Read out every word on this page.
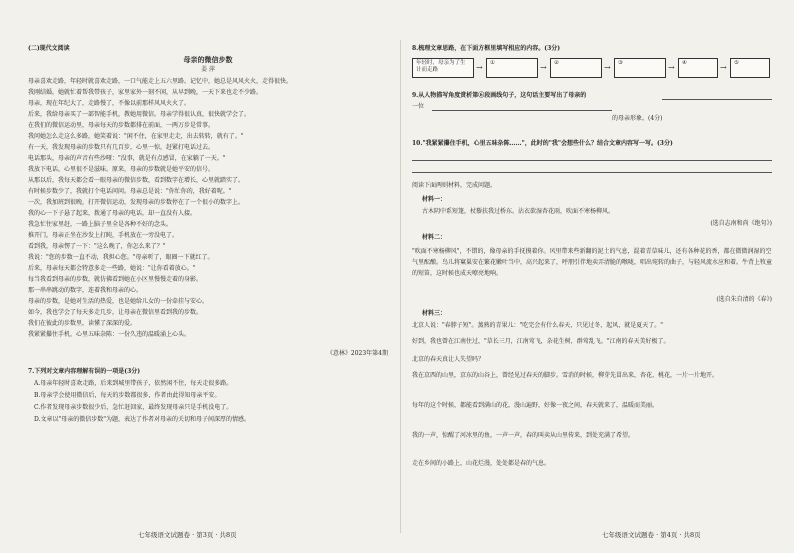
(二)现代文阅读
母亲的微信步数
姜 萍
母亲喜欢走路，年轻时就喜欢走路，一口气能走上五六里路。记忆中，她总是风风火火，走得很快。
我刚结婚，她就忙着帮我带孩子，家里家外一刻不闲，从早到晚，一天下来也走不少路。
母亲，现在年纪大了，走路慢了，不像以前那样风风火火了。
后来，我给母亲买了一部智能手机，教她用微信。母亲学得很认真，很快就学会了。
在我们的微信运动里，母亲每天的步数都排在前面，一两万步是常事。
我问她怎么走这么多路，她笑着说："闲不住，在家里走走，出去转转，就有了。"
有一天，我发现母亲的步数只有几百步，心里一惊，赶紧打电话过去。
电话那头，母亲的声音有些沙哑："没事，就是有点感冒，在家躺了一天。"
我放下电话，心里很不是滋味。原来，母亲的步数就是她平安的信号。
从那以后，我每天都会看一眼母亲的微信步数，看到数字在增长，心里就踏实了。
有时候步数少了，我就打个电话问问。母亲总是说："你忙你的，我好着呢。"
一次，我加班到很晚，打开微信运动，发现母亲的步数停在了一个很小的数字上。
我的心一下子悬了起来，拨通了母亲的电话，却一直没有人接。
我急忙往家里赶，一路上脑子里全是各种不好的念头。
推开门，母亲正坐在沙发上打盹，手机放在一旁没电了。
看到我，母亲愣了一下："这么晚了，你怎么来了？"
我说："您的步数一直不动，我担心您。"母亲听了，眼圈一下就红了。
后来，母亲每天都会特意多走一些路，她说："让你看着放心。"
每当我看到母亲的步数，就仿佛看到她在小区里慢慢走着的身影。
那一串串跳动的数字，连着我和母亲的心。
母亲的步数，是她对生活的热爱，也是她给儿女的一份牵挂与安心。
如今，我也学会了每天多走几步，让母亲在微信里看到我的步数。
我们在彼此的步数里，读懂了深深的爱。
我紧紧攥住手机，心里五味杂陈：一份久违的温暖涌上心头。
《意林》2023年第4期
7.下列对文章内容理解有误的一项是(3分)
A.母亲年轻时喜欢走路，后来到城里带孩子，依然闲不住，每天走很多路。
B.母亲学会使用微信后，每天的步数都很多，作者由此得知母亲平安。
C.作者发现母亲步数很少后，急忙赶回家，最终发现母亲只是手机没电了。
D.文章以"母亲的微信步数"为题，表达了作者对母亲的关切和母子间深厚的情感。
七年级语文试题卷 · 第3页 · 共8页
8.梳理文章思路，在下面方框里填写相应的内容。(3分)
年轻时，母亲为了生计而走路	→	①	→	②	→	③	→	④	→	⑤
9.从人物描写角度赏析第⑥段画线句子，这句话主要写出了母亲的
一位
的母亲形象。(4分)
10."我紧紧攥住手机，心里五味杂陈……"，此时的"我"会想些什么？结合文章内容写一写。(3分)
阅读下面两则材料，完成问题。
材料一：
古木阴中系短篷，杖藜扶我过桥东。沾衣欲湿杏花雨，吹面不寒杨柳风。
(选自志南和尚《绝句》)
材料二：
"吹面不寒杨柳风"，不错的，像母亲的手抚摸着你。风里带来些新翻的泥土的气息，混着青草味儿，还有各种花的香，都在微微润湿的空气里酝酿。鸟儿将窠巢安在繁花嫩叶当中，高兴起来了，呼朋引伴地卖弄清脆的喉咙，唱出宛转的曲子，与轻风流水应和着。牛背上牧童的短笛，这时候也成天嘹亮地响。
(选自朱自清的《春》)
材料三：
北京人说："春脖子短"。蒸熟的青果儿："吃完会有什么春天，只见过冬，起风，就是夏天了。"
好到，我也曾在江南住过，"草长三月，江南莺飞，杂花生树，群莺乱飞。"江南的春天美好极了。
北京的春天真让人失望吗？
我在京西的山里，京东的山谷上，曾经见过春天的脚步。雪消的时候，柳芽先冒出来，杏花、桃花，一片一片地开。
每年的这个时候，都能看到满山的花，漫山遍野，好像一夜之间，春天就来了，温暖而美丽。
我的一声，惊醒了河冰里的鱼，一声一声，春的叫卖从山里传来，到处充满了希望。
走在乡间的小路上，山花烂漫，处处都是春的气息。
七年级语文试题卷 · 第4页 · 共8页
